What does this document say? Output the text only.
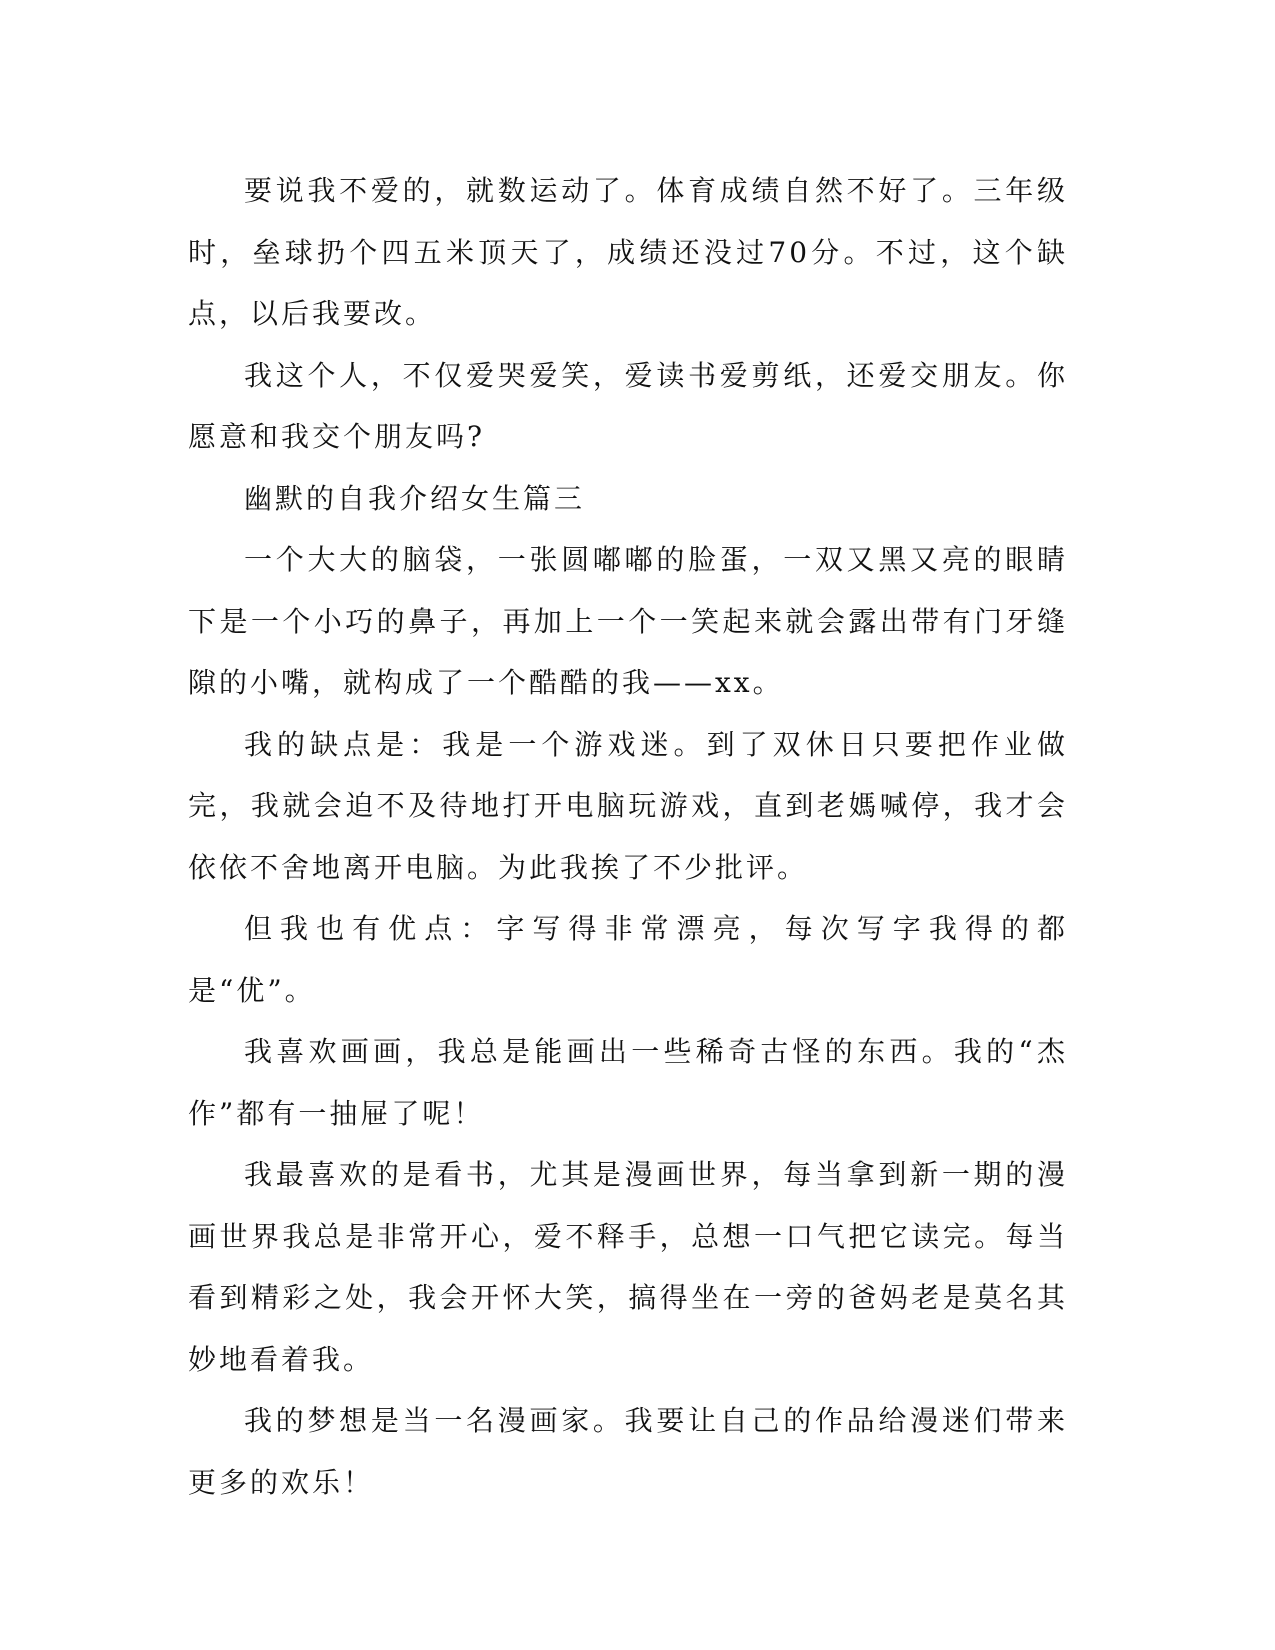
要说我不爱的，就数运动了。体育成绩自然不好了。三年级时，垒球扔个四五米顶天了，成绩还没过70分。不过，这个缺点，以后我要改。

我这个人，不仅爱哭爱笑，爱读书爱剪纸，还爱交朋友。你愿意和我交个朋友吗?

幽默的自我介绍女生篇三

一个大大的脑袋，一张圆嘟嘟的脸蛋，一双又黑又亮的眼睛下是一个小巧的鼻子，再加上一个一笑起来就会露出带有门牙缝隙的小嘴，就构成了一个酷酷的我——xx。

我的缺点是：我是一个游戏迷。到了双休日只要把作业做完，我就会迫不及待地打开电脑玩游戏，直到老媽喊停，我才会依依不舍地离开电脑。为此我挨了不少批评。

但我也有优点：字写得非常漂亮，每次写字我得的都是“优”。

我喜欢画画，我总是能画出一些稀奇古怪的东西。我的“杰作”都有一抽屉了呢！

我最喜欢的是看书，尤其是漫画世界，每当拿到新一期的漫画世界我总是非常开心，爱不释手，总想一口气把它读完。每当看到精彩之处，我会开怀大笑，搞得坐在一旁的爸妈老是莫名其妙地看着我。

我的梦想是当一名漫画家。我要让自己的作品给漫迷们带来更多的欢乐！
